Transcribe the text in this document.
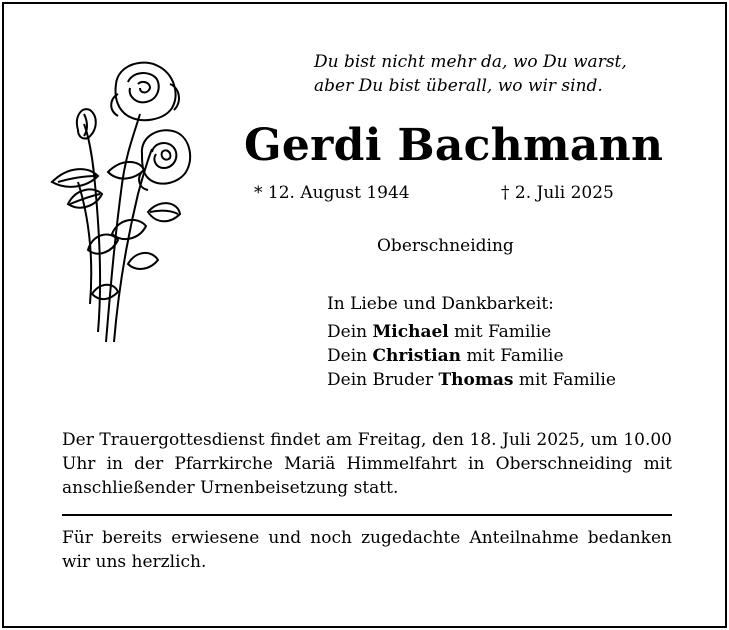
Du bist nicht mehr da, wo Du warst,
aber Du bist überall, wo wir sind.
Gerdi Bachmann
* 12. August 1944	† 2. Juli 2025
Oberschneiding
In Liebe und Dankbarkeit:
Dein Michael mit Familie
Dein Christian mit Familie
Dein Bruder Thomas mit Familie
Der Trauergottesdienst findet am Freitag, den 18. Juli 2025, um 10.00 Uhr in der Pfarrkirche Mariä Himmelfahrt in Oberschneiding mit anschließender Urnenbeisetzung statt.
Für bereits erwiesene und noch zugedachte Anteilnahme bedanken wir uns herzlich.
